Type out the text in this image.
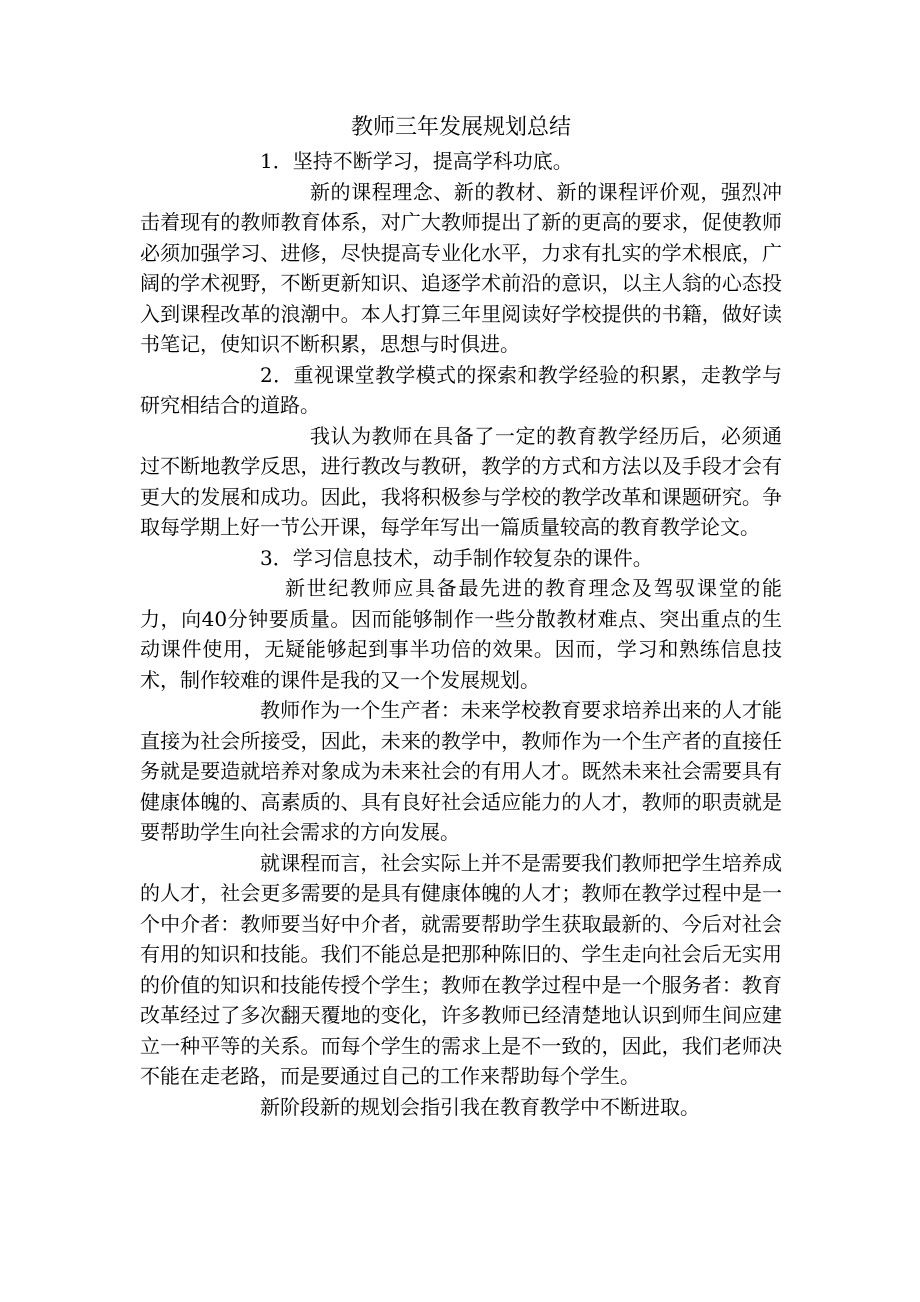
教师三年发展规划总结

1．坚持不断学习，提高学科功底。

新的课程理念、新的教材、新的课程评价观，强烈冲击着现有的教师教育体系，对广大教师提出了新的更高的要求，促使教师必须加强学习、进修，尽快提高专业化水平，力求有扎实的学术根底，广阔的学术视野，不断更新知识、追逐学术前沿的意识，以主人翁的心态投入到课程改革的浪潮中。本人打算三年里阅读好学校提供的书籍，做好读书笔记，使知识不断积累，思想与时俱进。

2．重视课堂教学模式的探索和教学经验的积累，走教学与研究相结合的道路。

我认为教师在具备了一定的教育教学经历后，必须通过不断地教学反思，进行教改与教研，教学的方式和方法以及手段才会有更大的发展和成功。因此，我将积极参与学校的教学改革和课题研究。争取每学期上好一节公开课，每学年写出一篇质量较高的教育教学论文。

3．学习信息技术，动手制作较复杂的课件。

新世纪教师应具备最先进的教育理念及驾驭课堂的能力，向40分钟要质量。因而能够制作一些分散教材难点、突出重点的生动课件使用，无疑能够起到事半功倍的效果。因而，学习和熟练信息技术，制作较难的课件是我的又一个发展规划。

教师作为一个生产者：未来学校教育要求培养出来的人才能直接为社会所接受，因此，未来的教学中，教师作为一个生产者的直接任务就是要造就培养对象成为未来社会的有用人才。既然未来社会需要具有健康体魄的、高素质的、具有良好社会适应能力的人才，教师的职责就是要帮助学生向社会需求的方向发展。

就课程而言，社会实际上并不是需要我们教师把学生培养成的人才，社会更多需要的是具有健康体魄的人才；教师在教学过程中是一个中介者：教师要当好中介者，就需要帮助学生获取最新的、今后对社会有用的知识和技能。我们不能总是把那种陈旧的、学生走向社会后无实用的价值的知识和技能传授个学生；教师在教学过程中是一个服务者：教育改革经过了多次翻天覆地的变化，许多教师已经清楚地认识到师生间应建立一种平等的关系。而每个学生的需求上是不一致的，因此，我们老师决不能在走老路，而是要通过自己的工作来帮助每个学生。

新阶段新的规划会指引我在教育教学中不断进取。
